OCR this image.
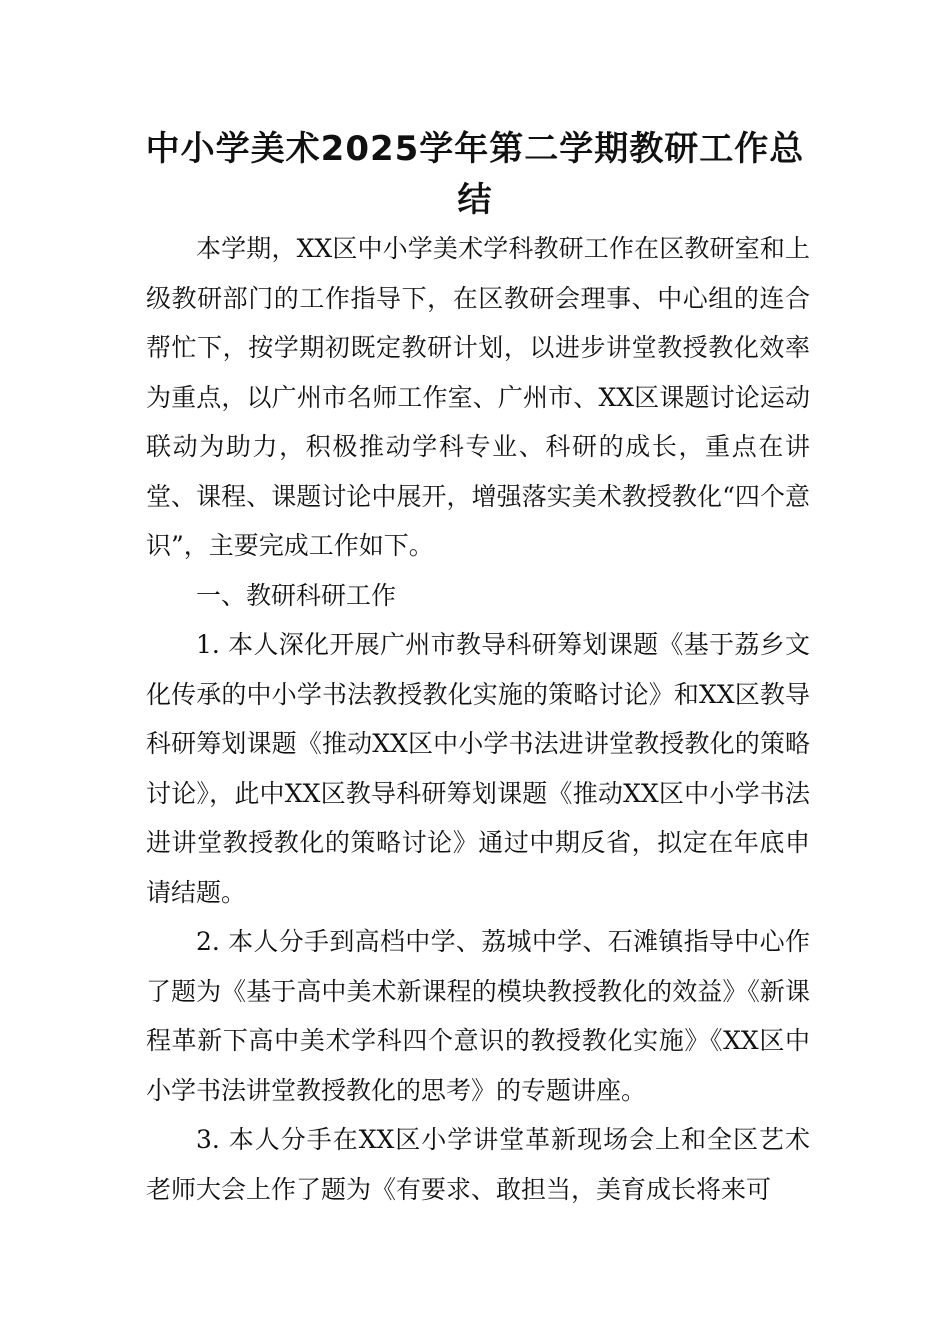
中小学美术2025学年第二学期教研工作总结

本学期，XX区中小学美术学科教研工作在区教研室和上级教研部门的工作指导下，在区教研会理事、中心组的连合帮忙下，按学期初既定教研计划，以进步讲堂教授教化效率为重点，以广州市名师工作室、广州市、XX区课题讨论运动联动为助力，积极推动学科专业、科研的成长，重点在讲堂、课程、课题讨论中展开，增强落实美术教授教化“四个意识”，主要完成工作如下。

一、教研科研工作

1. 本人深化开展广州市教导科研筹划课题《基于荔乡文化传承的中小学书法教授教化实施的策略讨论》和XX区教导科研筹划课题《推动XX区中小学书法进讲堂教授教化的策略讨论》，此中XX区教导科研筹划课题《推动XX区中小学书法进讲堂教授教化的策略讨论》通过中期反省，拟定在年底申请结题。

2. 本人分手到高档中学、荔城中学、石滩镇指导中心作了题为《基于高中美术新课程的模块教授教化的效益》《新课程革新下高中美术学科四个意识的教授教化实施》《XX区中小学书法讲堂教授教化的思考》的专题讲座。

3. 本人分手在XX区小学讲堂革新现场会上和全区艺术老师大会上作了题为《有要求、敢担当，美育成长将来可
